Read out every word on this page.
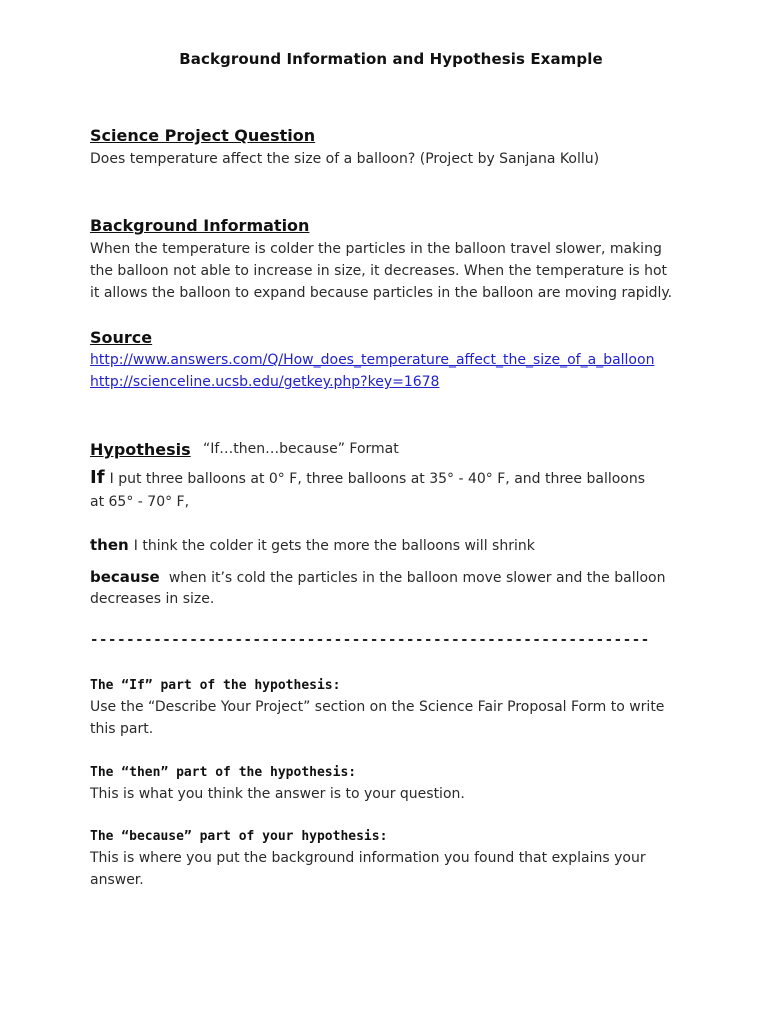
Background Information and Hypothesis Example
Science Project Question
Does temperature affect the size of a balloon? (Project by Sanjana Kollu)
Background Information
When the temperature is colder the particles in the balloon travel slower, making
the balloon not able to increase in size, it decreases. When the temperature is hot
it allows the balloon to expand because particles in the balloon are moving rapidly.
Source
http://www.answers.com/Q/How_does_temperature_affect_the_size_of_a_balloon
http://scienceline.ucsb.edu/getkey.php?key=1678
Hypothesis “If…then…because” Format
If I put three balloons at 0° F, three balloons at 35° - 40° F, and three balloons
at 65° - 70° F,
then I think the colder it gets the more the balloons will shrink
because when it’s cold the particles in the balloon move slower and the balloon
decreases in size.
--------------------------------------------------------------
The “If” part of the hypothesis:
Use the “Describe Your Project” section on the Science Fair Proposal Form to write
this part.
The “then” part of the hypothesis:
This is what you think the answer is to your question.
The “because” part of your hypothesis:
This is where you put the background information you found that explains your
answer.
